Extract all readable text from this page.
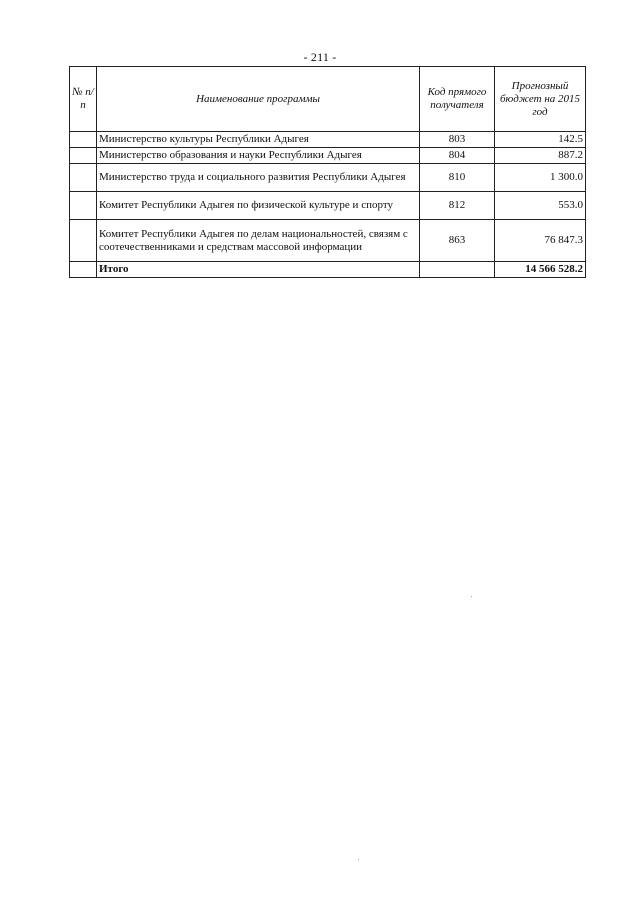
- 211 -
№ п/п	Наименование программы	Код прямого получателя	Прогнозный бюджет на 2015 год
	Министерство культуры Республики Адыгея	803	142.5
	Министерство образования и науки Республики Адыгея	804	887.2
	Министерство труда и социального развития Республики Адыгея	810	1 300.0
	Комитет Республики Адыгея по физической культуре и спорту	812	553.0
	Комитет Республики Адыгея по делам национальностей, связям с соотечественниками и средствам массовой информации	863	76 847.3
	Итого		14 566 528.2
